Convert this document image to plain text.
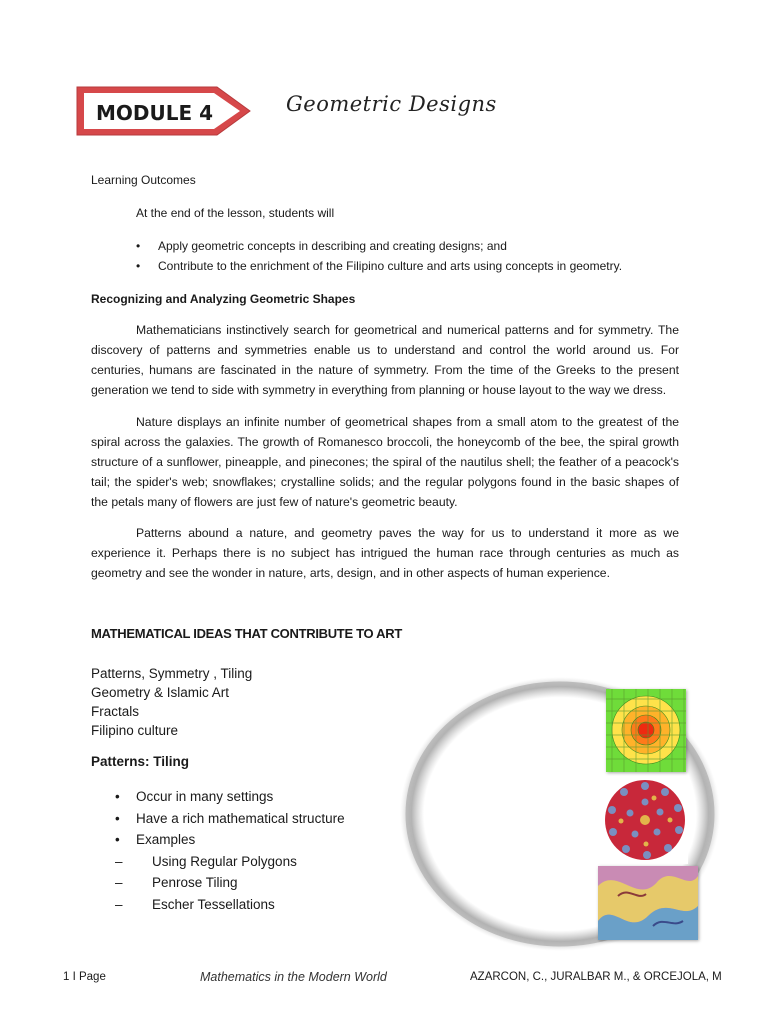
MODULE 4	Geometric Designs
Learning Outcomes
At the end of the lesson, students will
• Apply geometric concepts in describing and creating designs; and
• Contribute to the enrichment of the Filipino culture and arts using concepts in geometry.
Recognizing and Analyzing Geometric Shapes
Mathematicians instinctively search for geometrical and numerical patterns and for symmetry. The discovery of patterns and symmetries enable us to understand and control the world around us. For centuries, humans are fascinated in the nature of symmetry. From the time of the Greeks to the present generation we tend to side with symmetry in everything from planning or house layout to the way we dress.
Nature displays an infinite number of geometrical shapes from a small atom to the greatest of the spiral across the galaxies. The growth of Romanesco broccoli, the honeycomb of the bee, the spiral growth structure of a sunflower, pineapple, and pinecones; the spiral of the nautilus shell; the feather of a peacock's tail; the spider's web; snowflakes; crystalline solids; and the regular polygons found in the basic shapes of the petals many of flowers are just few of nature's geometric beauty.
Patterns abound a nature, and geometry paves the way for us to understand it more as we experience it. Perhaps there is no subject has intrigued the human race through centuries as much as geometry and see the wonder in nature, arts, design, and in other aspects of human experience.
MATHEMATICAL IDEAS THAT CONTRIBUTE TO ART
Patterns, Symmetry , Tiling
Geometry & Islamic Art
Fractals
Filipino culture
Patterns: Tiling
• Occur in many settings
• Have a rich mathematical structure
• Examples
– Using Regular Polygons
– Penrose Tiling
– Escher Tessellations
1 I Page	Mathematics in the Modern World	AZARCON, C., JURALBAR M., & ORCEJOLA, M
